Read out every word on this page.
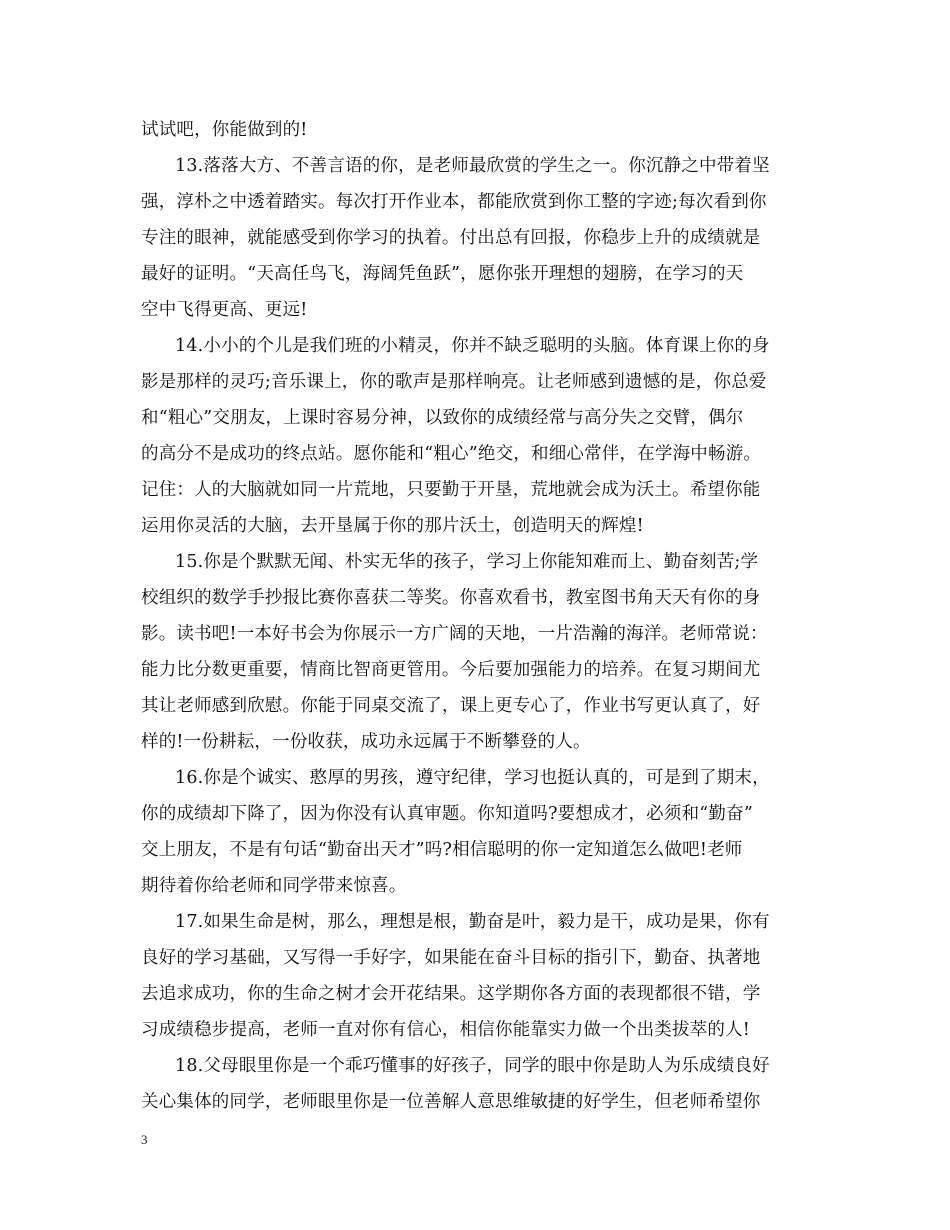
试试吧，你能做到的!
13.落落大方、不善言语的你，是老师最欣赏的学生之一。你沉静之中带着坚
强，淳朴之中透着踏实。每次打开作业本，都能欣赏到你工整的字迹;每次看到你
专注的眼神，就能感受到你学习的执着。付出总有回报，你稳步上升的成绩就是
最好的证明。“天高任鸟飞，海阔凭鱼跃”，愿你张开理想的翅膀，在学习的天
空中飞得更高、更远!
14.小小的个儿是我们班的小精灵，你并不缺乏聪明的头脑。体育课上你的身
影是那样的灵巧;音乐课上，你的歌声是那样响亮。让老师感到遗憾的是，你总爱
和“粗心”交朋友，上课时容易分神，以致你的成绩经常与高分失之交臂，偶尔
的高分不是成功的终点站。愿你能和“粗心”绝交，和细心常伴，在学海中畅游。
记住：人的大脑就如同一片荒地，只要勤于开垦，荒地就会成为沃土。希望你能
运用你灵活的大脑，去开垦属于你的那片沃土，创造明天的辉煌!
15.你是个默默无闻、朴实无华的孩子，学习上你能知难而上、勤奋刻苦;学
校组织的数学手抄报比赛你喜获二等奖。你喜欢看书，教室图书角天天有你的身
影。读书吧!一本好书会为你展示一方广阔的天地，一片浩瀚的海洋。老师常说：
能力比分数更重要，情商比智商更管用。今后要加强能力的培养。在复习期间尤
其让老师感到欣慰。你能于同桌交流了，课上更专心了，作业书写更认真了，好
样的!一份耕耘，一份收获，成功永远属于不断攀登的人。
16.你是个诚实、憨厚的男孩，遵守纪律，学习也挺认真的，可是到了期末，
你的成绩却下降了，因为你没有认真审题。你知道吗?要想成才，必须和“勤奋”
交上朋友，不是有句话“勤奋出天才”吗?相信聪明的你一定知道怎么做吧!老师
期待着你给老师和同学带来惊喜。
17.如果生命是树，那么，理想是根，勤奋是叶，毅力是干，成功是果，你有
良好的学习基础，又写得一手好字，如果能在奋斗目标的指引下，勤奋、执著地
去追求成功，你的生命之树才会开花结果。这学期你各方面的表现都很不错，学
习成绩稳步提高，老师一直对你有信心，相信你能靠实力做一个出类拔萃的人!
18.父母眼里你是一个乖巧懂事的好孩子，同学的眼中你是助人为乐成绩良好
关心集体的同学，老师眼里你是一位善解人意思维敏捷的好学生，但老师希望你
3
